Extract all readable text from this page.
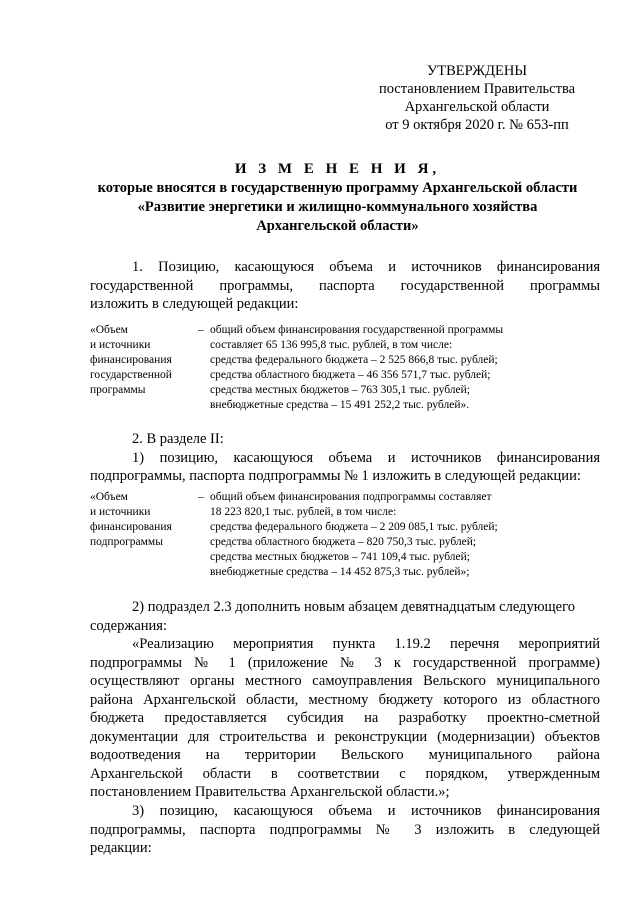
УТВЕРЖДЕНЫ
постановлением Правительства
Архангельской области
от 9 октября 2020 г. № 653-пп
И З М Е Н Е Н И Я,
которые вносятся в государственную программу Архангельской области
«Развитие энергетики и жилищно-коммунального хозяйства
Архангельской области»
1. Позицию, касающуюся объема и источников финансирования
государственной программы, паспорта государственной программы
изложить в следующей редакции:
«Объем
и источники
финансирования
государственной
программы
– общий объем финансирования государственной программы
составляет 65 136 995,8 тыс. рублей, в том числе:
средства федерального бюджета – 2 525 866,8 тыс. рублей;
средства областного бюджета – 46 356 571,7 тыс. рублей;
средства местных бюджетов – 763 305,1 тыс. рублей;
внебюджетные средства – 15 491 252,2 тыс. рублей».
2. В разделе II:
1) позицию, касающуюся объема и источников финансирования
подпрограммы, паспорта подпрограммы № 1 изложить в следующей редакции:
«Объем
и источники
финансирования
подпрограммы
– общий объем финансирования подпрограммы составляет
18 223 820,1 тыс. рублей, в том числе:
средства федерального бюджета – 2 209 085,1 тыс. рублей;
средства областного бюджета – 820 750,3 тыс. рублей;
средства местных бюджетов – 741 109,4 тыс. рублей;
внебюджетные средства – 14 452 875,3 тыс. рублей»;
2) подраздел 2.3 дополнить новым абзацем девятнадцатым следующего
содержания:
«Реализацию мероприятия пункта 1.19.2 перечня мероприятий
подпрограммы № 1 (приложение № 3 к государственной программе)
осуществляют органы местного самоуправления Вельского муниципального
района Архангельской области, местному бюджету которого из областного
бюджета предоставляется субсидия на разработку проектно-сметной
документации для строительства и реконструкции (модернизации) объектов
водоотведения на территории Вельского муниципального района
Архангельской области в соответствии с порядком, утвержденным
постановлением Правительства Архангельской области.»;
3) позицию, касающуюся объема и источников финансирования
подпрограммы, паспорта подпрограммы № 3 изложить в следующей
редакции:
